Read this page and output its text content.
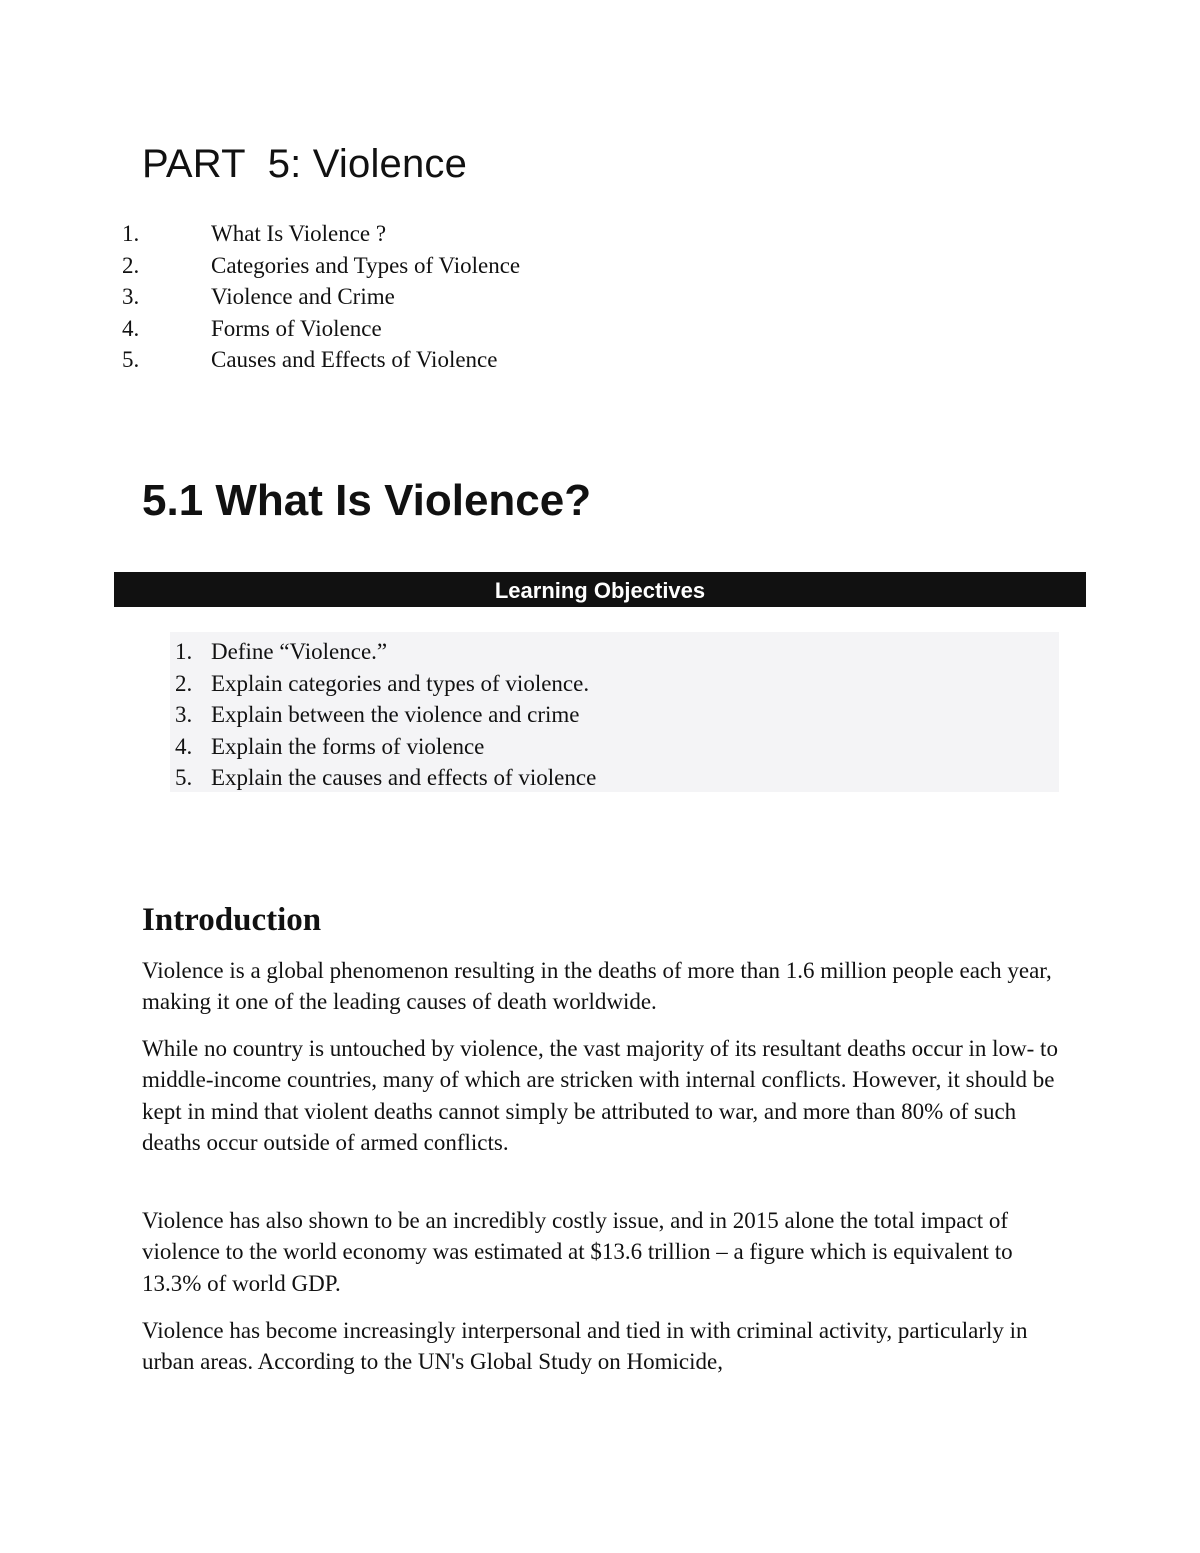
PART  5: Violence
1.	What Is Violence ?
2.	Categories and Types of Violence
3.	Violence and Crime
4.	Forms of Violence
5.	Causes and Effects of Violence
5.1 What Is Violence?
Learning Objectives
1. Define “Violence.”
2. Explain categories and types of violence.
3. Explain between the violence and crime
4. Explain the forms of violence
5. Explain the causes and effects of violence
Introduction

Violence is a global phenomenon resulting in the deaths of more than 1.6 million people each year, making it one of the leading causes of death worldwide.

While no country is untouched by violence, the vast majority of its resultant deaths occur in low- to middle-income countries, many of which are stricken with internal conflicts. However, it should be kept in mind that violent deaths cannot simply be attributed to war, and more than 80% of such deaths occur outside of armed conflicts.

Violence has also shown to be an incredibly costly issue, and in 2015 alone the total impact of violence to the world economy was estimated at $13.6 trillion – a figure which is equivalent to 13.3% of world GDP.

Violence has become increasingly interpersonal and tied in with criminal activity, particularly in urban areas. According to the UN's Global Study on Homicide,
